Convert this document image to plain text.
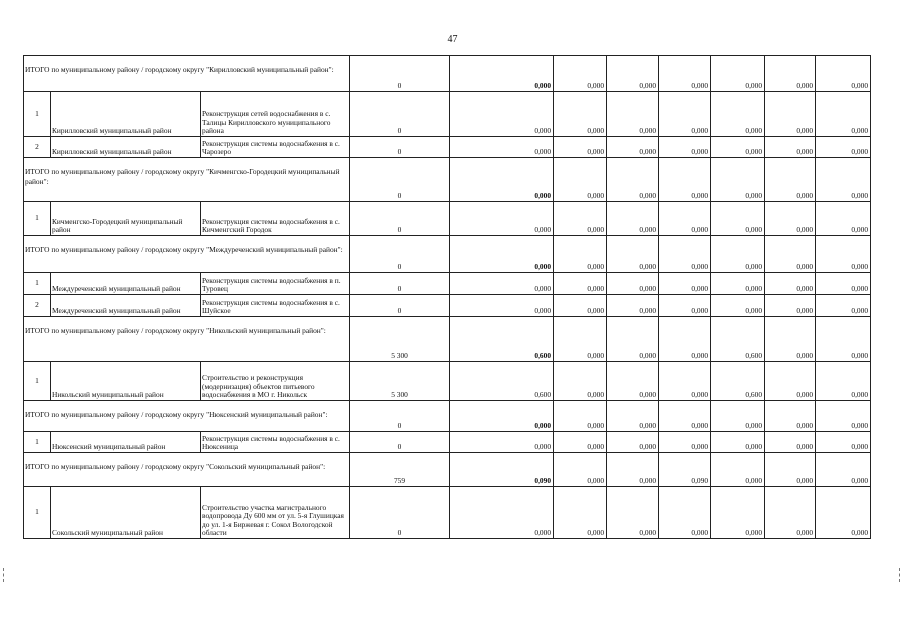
47
ИТОГО по муниципальному району / городскому округу "Кирилловский муниципальный район":			0	0,000	0,000	0,000	0,000	0,000	0,000	0,000
1	Кирилловский муниципальный район	Реконструкция сетей водоснабжения в с. Талицы Кирилловского муниципального района	0	0,000	0,000	0,000	0,000	0,000	0,000	0,000
2	Кирилловский муниципальный район	Реконструкция системы водоснабжения в с. Чарозеро	0	0,000	0,000	0,000	0,000	0,000	0,000	0,000

ИТОГО по муниципальному району / городскому округу "Кичменгско-Городецкий муниципальный район":			0	0,000	0,000	0,000	0,000	0,000	0,000	0,000
1	Кичменгско-Городецкий муниципальный район	Реконструкция системы водоснабжения в с. Кичменгский Городок	0	0,000	0,000	0,000	0,000	0,000	0,000	0,000

ИТОГО по муниципальному району / городскому округу "Междуреченский муниципальный район":			0	0,000	0,000	0,000	0,000	0,000	0,000	0,000
1	Междуреченский муниципальный район	Реконструкция системы водоснабжения в п. Туровец	0	0,000	0,000	0,000	0,000	0,000	0,000	0,000
2	Междуреченский муниципальный район	Реконструкция системы водоснабжения в с. Шуйское	0	0,000	0,000	0,000	0,000	0,000	0,000	0,000

ИТОГО по муниципальному району / городскому округу "Никольский муниципальный район":			5 300	0,600	0,000	0,000	0,000	0,600	0,000	0,000
1	Никольский муниципальный район	Строительство и реконструкция (модернизация) объектов питьевого водоснабжения в МО г. Никольск	5 300	0,600	0,000	0,000	0,000	0,600	0,000	0,000

ИТОГО по муниципальному району / городскому округу "Нюксенский муниципальный район":			0	0,000	0,000	0,000	0,000	0,000	0,000	0,000
1	Нюксенский муниципальный район	Реконструкция системы водоснабжения в с. Нюксеница	0	0,000	0,000	0,000	0,000	0,000	0,000	0,000

ИТОГО по муниципальному району / городскому округу "Сокольский муниципальный район":			759	0,090	0,000	0,000	0,090	0,000	0,000	0,000
1	Сокольский муниципальный район	Строительство участка магистрального водопровода Ду 600 мм от ул. 5-я Глушицкая до ул. 1-я Биржевая г. Сокол Вологодской области	0	0,000	0,000	0,000	0,000	0,000	0,000	0,000
